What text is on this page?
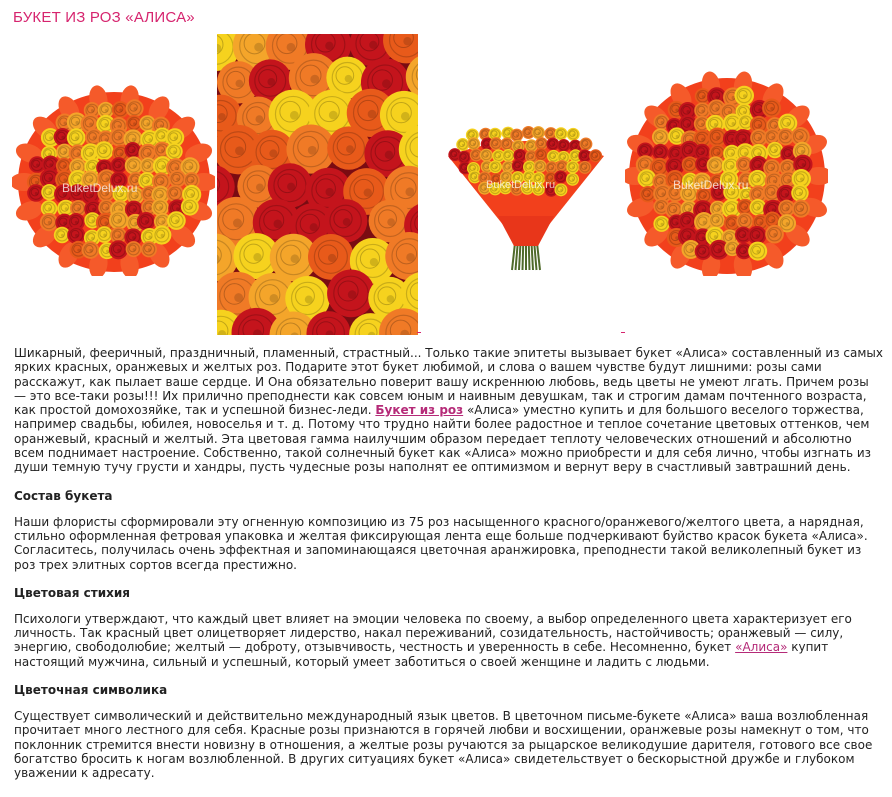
БУКЕТ ИЗ РОЗ «АЛИСА»
BuketDelux.ru	BuketDelux.ru	BuketDelux.ru

Шикарный, фееричный, праздничный, пламенный, страстный... Только такие эпитеты вызывает букет «Алиса» составленный из самых ярких красных, оранжевых и желтых роз. Подарите этот букет любимой, и слова о вашем чувстве будут лишними: розы сами расскажут, как пылает ваше сердце. И Она обязательно поверит вашу искреннюю любовь, ведь цветы не умеют лгать. Причем розы — это все-таки розы!!! Их прилично преподнести как совсем юным и наивным девушкам, так и строгим дамам почтенного возраста, как простой домохозяйке, так и успешной бизнес-леди. Букет из роз «Алиса» уместно купить и для большого веселого торжества, например свадьбы, юбилея, новоселья и т. д. Потому что трудно найти более радостное и теплое сочетание цветовых оттенков, чем оранжевый, красный и желтый. Эта цветовая гамма наилучшим образом передает теплоту человеческих отношений и абсолютно всем поднимает настроение. Собственно, такой солнечный букет как «Алиса» можно приобрести и для себя лично, чтобы изгнать из души темную тучу грусти и хандры, пусть чудесные розы наполнят ее оптимизмом и вернут веру в счастливый завтрашний день.

Состав букета

Наши флористы сформировали эту огненную композицию из 75 роз насыщенного красного/оранжевого/желтого цвета, а нарядная, стильно оформленная фетровая упаковка и желтая фиксирующая лента еще больше подчеркивают буйство красок букета «Алиса». Согласитесь, получилась очень эффектная и запоминающаяся цветочная аранжировка, преподнести такой великолепный букет из роз трех элитных сортов всегда престижно.

Цветовая стихия

Психологи утверждают, что каждый цвет влияет на эмоции человека по своему, а выбор определенного цвета характеризует его личность. Так красный цвет олицетворяет лидерство, накал переживаний, созидательность, настойчивость; оранжевый — силу, энергию, свободолюбие; желтый — доброту, отзывчивость, честность и уверенность в себе. Несомненно, букет «Алиса» купит настоящий мужчина, сильный и успешный, который умеет заботиться о своей женщине и ладить с людьми.

Цветочная символика

Существует символический и действительно международный язык цветов. В цветочном письме-букете «Алиса» ваша возлюбленная прочитает много лестного для себя. Красные розы признаются в горячей любви и восхищении, оранжевые розы намекнут о том, что поклонник стремится внести новизну в отношения, а желтые розы ручаются за рыцарское великодушие дарителя, готового все свое богатство бросить к ногам возлюбленной. В других ситуациях букет «Алиса» свидетельствует о бескорыстной дружбе и глубоком уважении к адресату.
